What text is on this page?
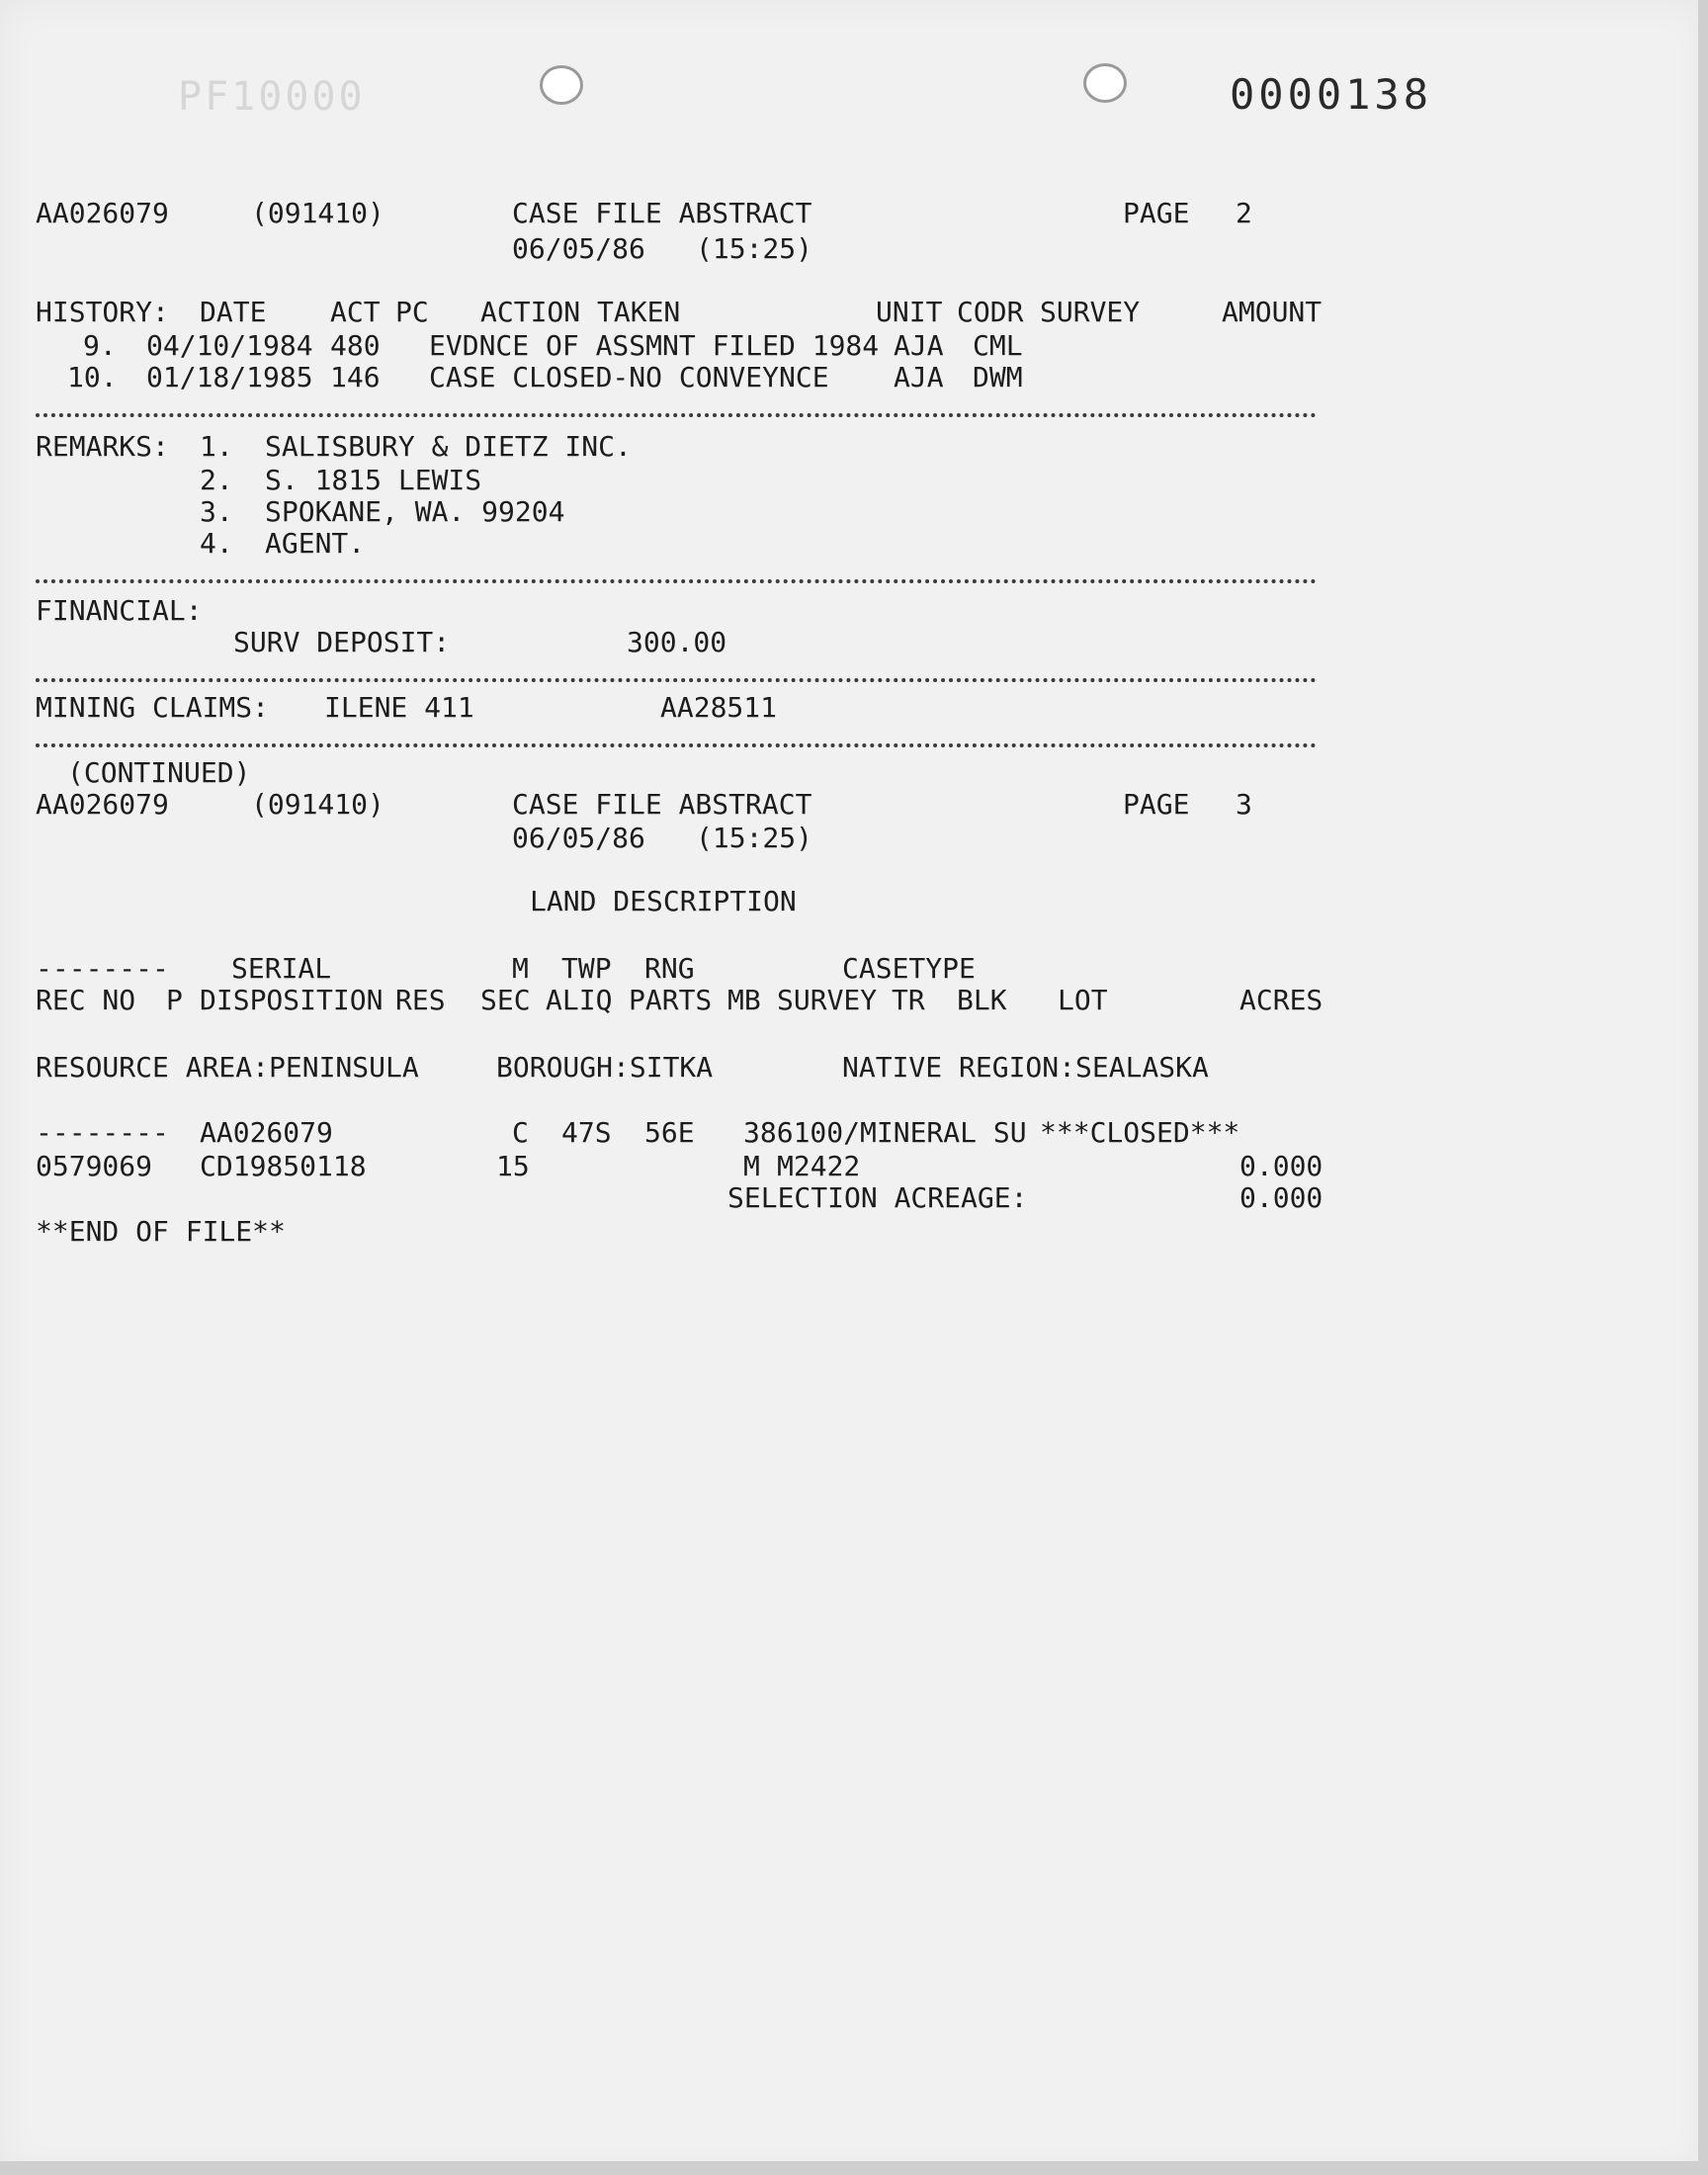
PF10000	0000138
AA026079	(091410)	CASE FILE ABSTRACT	PAGE 2
06/05/86 (15:25)
HISTORY: DATE ACT PC ACTION TAKEN	UNIT CODR SURVEY	AMOUNT
9. 04/10/1984 480 EVDNCE OF ASSMNT FILED 1984 AJA CML
10. 01/18/1985 146 CASE CLOSED-NO CONVEYNCE AJA DWM
REMARKS: 1. SALISBURY & DIETZ INC.
2. S. 1815 LEWIS
3. SPOKANE, WA. 99204
4. AGENT.
FINANCIAL:
SURV DEPOSIT:	300.00
MINING CLAIMS: ILENE 411	AA28511
(CONTINUED)
AA026079	(091410)	CASE FILE ABSTRACT	PAGE 3
06/05/86 (15:25)
LAND DESCRIPTION
-------- SERIAL	M TWP RNG	CASETYPE
REC NO P DISPOSITION RES SEC ALIQ PARTS MB SURVEY TR BLK LOT	ACRES
RESOURCE AREA:PENINSULA	BOROUGH:SITKA	NATIVE REGION:SEALASKA
-------- AA026079	C 47S 56E 386100/MINERAL SU ***CLOSED***
0579069 CD19850118	15	M M2422	0.000
SELECTION ACREAGE:	0.000
**END OF FILE**
